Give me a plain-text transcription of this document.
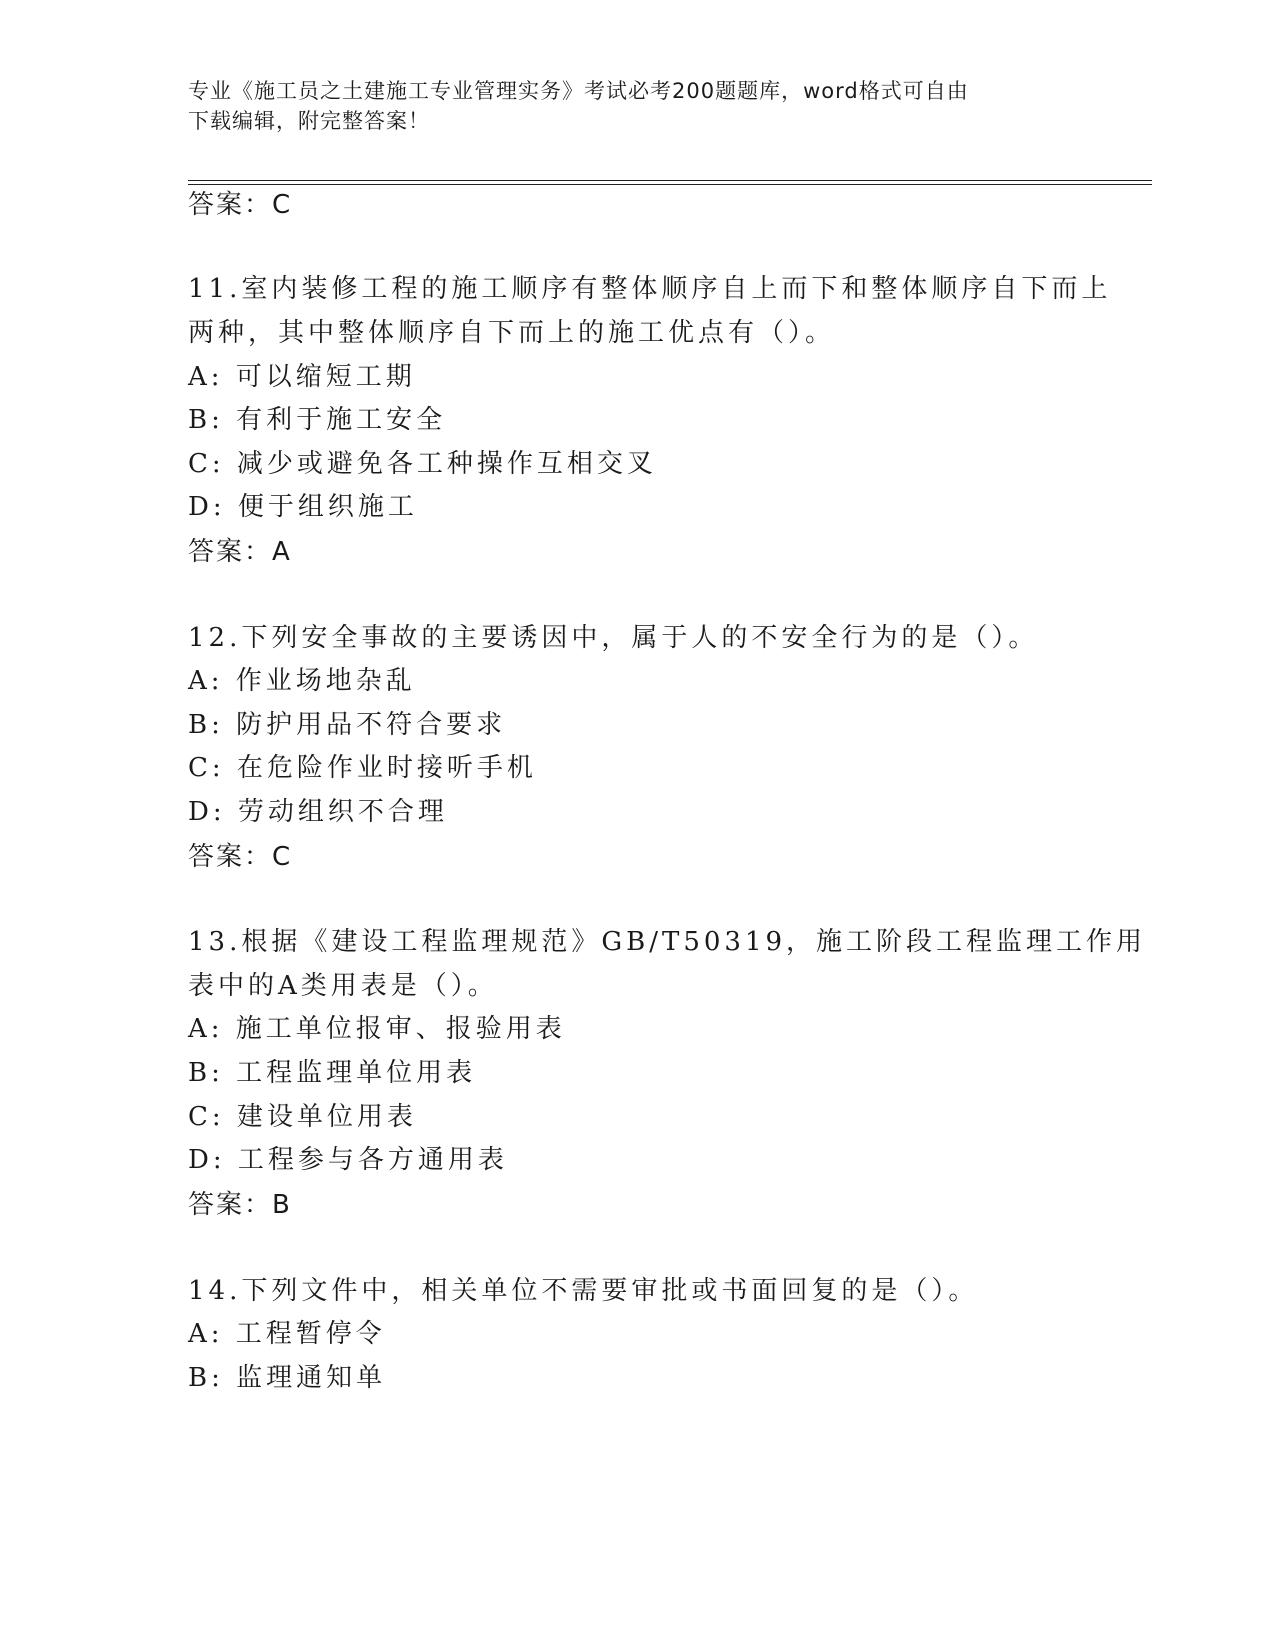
专业《施工员之土建施工专业管理实务》考试必考200题题库，word格式可自由
下载编辑，附完整答案！
答案：C
11.室内装修工程的施工顺序有整体顺序自上而下和整体顺序自下而上
两种，其中整体顺序自下而上的施工优点有（）。
A: 可以缩短工期
B: 有利于施工安全
C: 减少或避免各工种操作互相交叉
D: 便于组织施工
答案：A
12.下列安全事故的主要诱因中，属于人的不安全行为的是（）。
A: 作业场地杂乱
B: 防护用品不符合要求
C: 在危险作业时接听手机
D: 劳动组织不合理
答案：C
13.根据《建设工程监理规范》GB/T50319，施工阶段工程监理工作用
表中的A类用表是（）。
A: 施工单位报审、报验用表
B: 工程监理单位用表
C: 建设单位用表
D: 工程参与各方通用表
答案：B
14.下列文件中，相关单位不需要审批或书面回复的是（）。
A: 工程暂停令
B: 监理通知单
